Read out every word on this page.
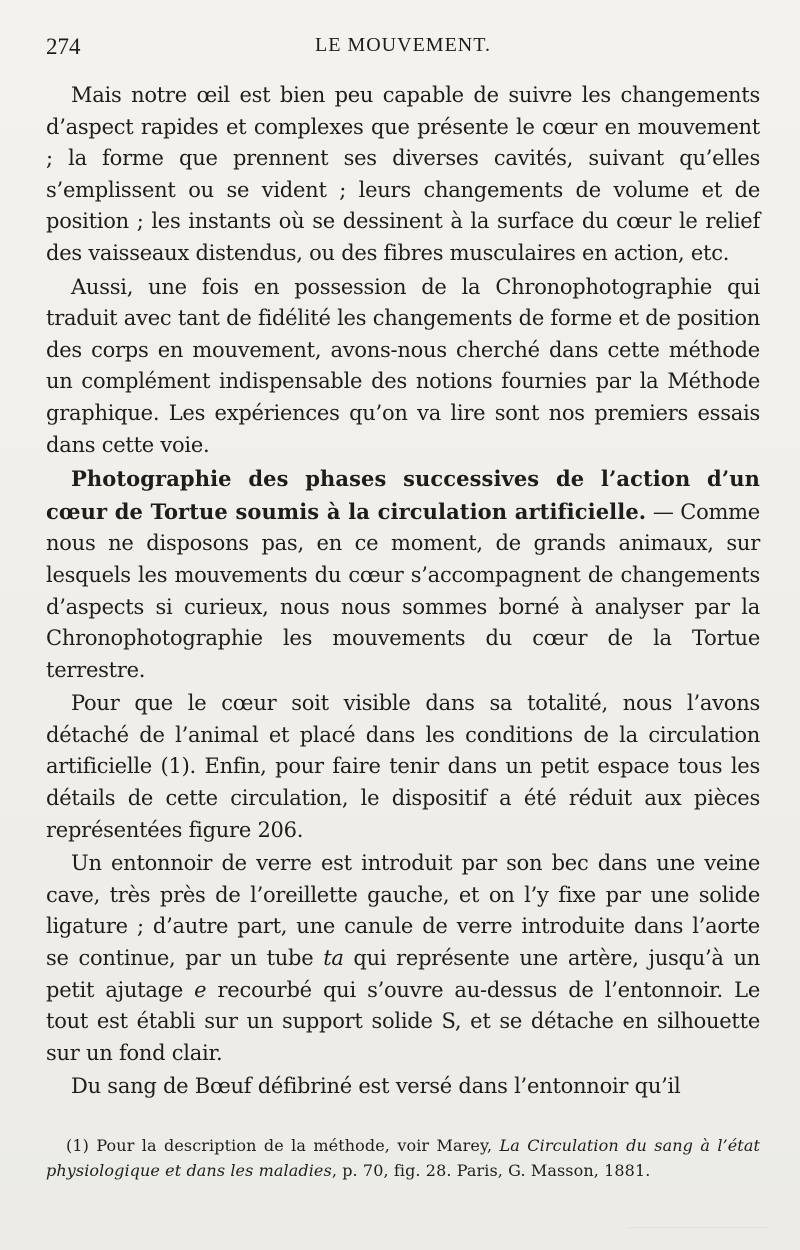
274	LE MOUVEMENT.

Mais notre œil est bien peu capable de suivre les changements d’aspect rapides et complexes que présente le cœur en mouvement ; la forme que prennent ses diverses cavités, suivant qu’elles s’emplissent ou se vident ; leurs changements de volume et de position ; les instants où se dessinent à la surface du cœur le relief des vaisseaux distendus, ou des fibres musculaires en action, etc.

Aussi, une fois en possession de la Chronophotographie qui traduit avec tant de fidélité les changements de forme et de position des corps en mouvement, avons-nous cherché dans cette méthode un complément indispensable des notions fournies par la Méthode graphique. Les expériences qu’on va lire sont nos premiers essais dans cette voie.

Photographie des phases successives de l’action d’un cœur de Tortue soumis à la circulation artificielle. — Comme nous ne disposons pas, en ce moment, de grands animaux, sur lesquels les mouvements du cœur s’accompagnent de changements d’aspects si curieux, nous nous sommes borné à analyser par la Chronophotographie les mouvements du cœur de la Tortue terrestre.

Pour que le cœur soit visible dans sa totalité, nous l’avons détaché de l’animal et placé dans les conditions de la circulation artificielle (1). Enfin, pour faire tenir dans un petit espace tous les détails de cette circulation, le dispositif a été réduit aux pièces représentées figure 206.

Un entonnoir de verre est introduit par son bec dans une veine cave, très près de l’oreillette gauche, et on l’y fixe par une solide ligature ; d’autre part, une canule de verre introduite dans l’aorte se continue, par un tube ta qui représente une artère, jusqu’à un petit ajutage e recourbé qui s’ouvre au-dessus de l’entonnoir. Le tout est établi sur un support solide S, et se détache en silhouette sur un fond clair.

Du sang de Bœuf défibriné est versé dans l’entonnoir qu’il

(1) Pour la description de la méthode, voir Marey, La Circulation du sang à l’état physiologique et dans les maladies, p. 70, fig. 28. Paris, G. Masson, 1881.
